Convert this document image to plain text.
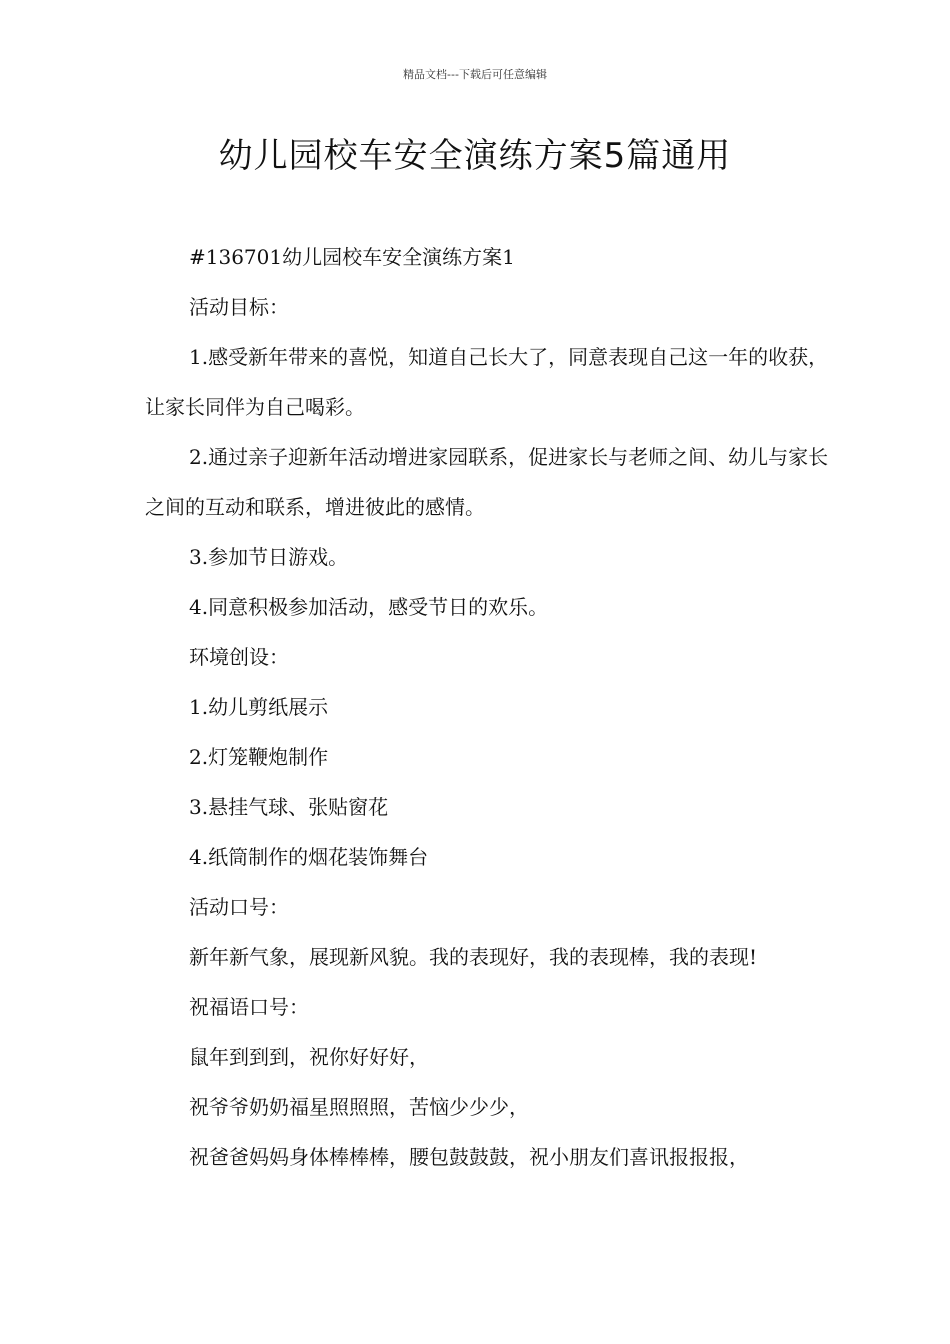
精品文档---下载后可任意编辑
幼儿园校车安全演练方案5篇通用

#136701幼儿园校车安全演练方案1

活动目标：

1.感受新年带来的喜悦，知道自己长大了，同意表现自己这一年的收获，让家长同伴为自己喝彩。

2.通过亲子迎新年活动增进家园联系，促进家长与老师之间、幼儿与家长之间的互动和联系，增进彼此的感情。

3.参加节日游戏。

4.同意积极参加活动，感受节日的欢乐。

环境创设：

1.幼儿剪纸展示

2.灯笼鞭炮制作

3.悬挂气球、张贴窗花

4.纸筒制作的烟花装饰舞台

活动口号：

新年新气象，展现新风貌。我的表现好，我的表现棒，我的表现!

祝福语口号：

鼠年到到到，祝你好好好，

祝爷爷奶奶福星照照照，苦恼少少少，

祝爸爸妈妈身体棒棒棒，腰包鼓鼓鼓，祝小朋友们喜讯报报报，
